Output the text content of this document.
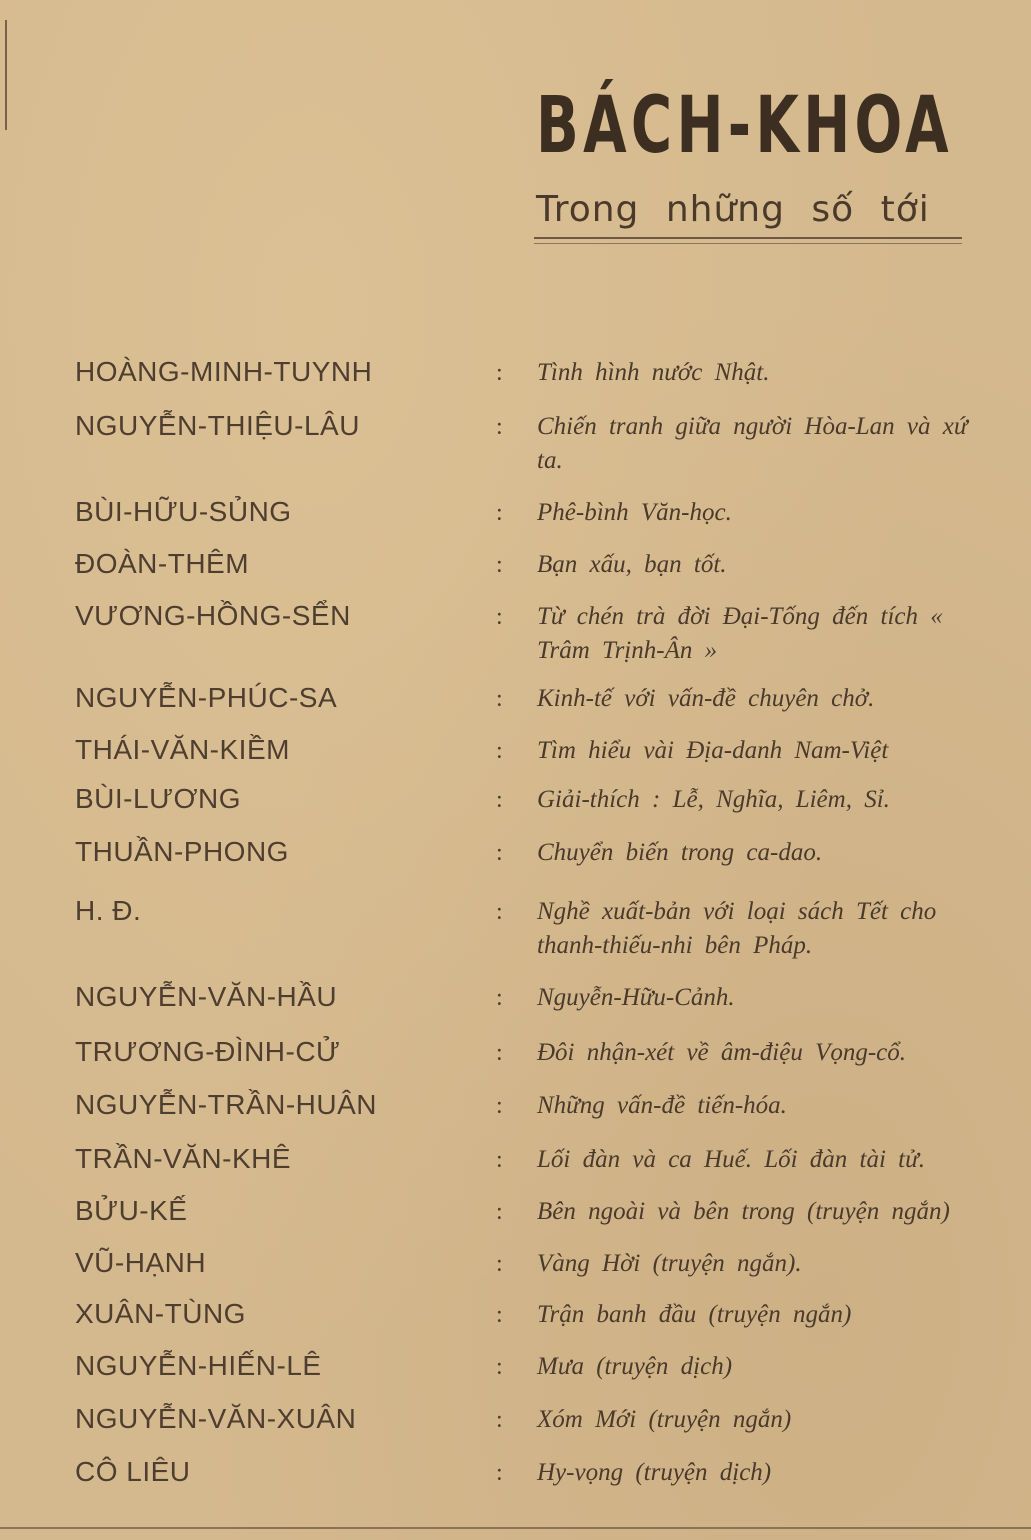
BÁCH-KHOA
Trong những số tới
HOÀNG-MINH-TUYNH	: Tình hình nước Nhật.
NGUYỄN-THIỆU-LÂU	: Chiến tranh giữa người Hòa-Lan và xứ ta.
BÙI-HỮU-SỦNG	: Phê-bình Văn-học.
ĐOÀN-THÊM	: Bạn xấu, bạn tốt.
VƯƠNG-HỒNG-SỂN	: Từ chén trà đời Đại-Tống đến tích « Trâm Trịnh-Ân »
NGUYỄN-PHÚC-SA	: Kinh-tế với vấn-đề chuyên chở.
THÁI-VĂN-KIỀM	: Tìm hiểu vài Địa-danh Nam-Việt
BÙI-LƯƠNG	: Giải-thích : Lễ, Nghĩa, Liêm, Sỉ.
THUẦN-PHONG	: Chuyển biến trong ca-dao.
H. Đ.	: Nghề xuất-bản với loại sách Tết cho thanh-thiếu-nhi bên Pháp.
NGUYỄN-VĂN-HẦU	: Nguyễn-Hữu-Cảnh.
TRƯƠNG-ĐÌNH-CỬ	: Đôi nhận-xét về âm-điệu Vọng-cổ.
NGUYỄN-TRẦN-HUÂN	: Những vấn-đề tiến-hóa.
TRẦN-VĂN-KHÊ	: Lối đàn và ca Huế. Lối đàn tài tử.
BỬU-KẾ	: Bên ngoài và bên trong (truyện ngắn)
VŨ-HẠNH	: Vàng Hời (truyện ngắn).
XUÂN-TÙNG	: Trận banh đầu (truyện ngắn)
NGUYỄN-HIẾN-LÊ	: Mưa (truyện dịch)
NGUYỄN-VĂN-XUÂN	: Xóm Mới (truyện ngắn)
CÔ LIÊU	: Hy-vọng (truyện dịch)
